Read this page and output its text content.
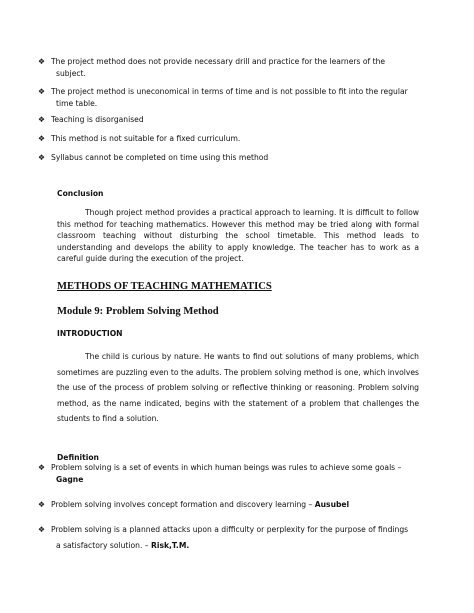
❖ The project method does not provide necessary drill and practice for the learners of the
subject.
❖ The project method is uneconomical in terms of time and is not possible to fit into the regular
time table.
❖ Teaching is disorganised
❖ This method is not suitable for a fixed curriculum.
❖ Syllabus cannot be completed on time using this method
Conclusion
Though project method provides a practical approach to learning. It is difficult to follow this method for teaching mathematics. However this method may be tried along with formal classroom teaching without disturbing the school timetable. This method leads to understanding and develops the ability to apply knowledge. The teacher has to work as a careful guide during the execution of the project.
METHODS OF TEACHING MATHEMATICS
Module 9: Problem Solving Method
INTRODUCTION
The child is curious by nature. He wants to find out solutions of many problems, which sometimes are puzzling even to the adults. The problem solving method is one, which involves the use of the process of problem solving or reflective thinking or reasoning. Problem solving method, as the name indicated, begins with the statement of a problem that challenges the students to find a solution.
Definition
❖ Problem solving is a set of events in which human beings was rules to achieve some goals –
Gagne
❖ Problem solving involves concept formation and discovery learning – Ausubel
❖ Problem solving is a planned attacks upon a difficulty or perplexity for the purpose of findings
a satisfactory solution. – Risk,T.M.
